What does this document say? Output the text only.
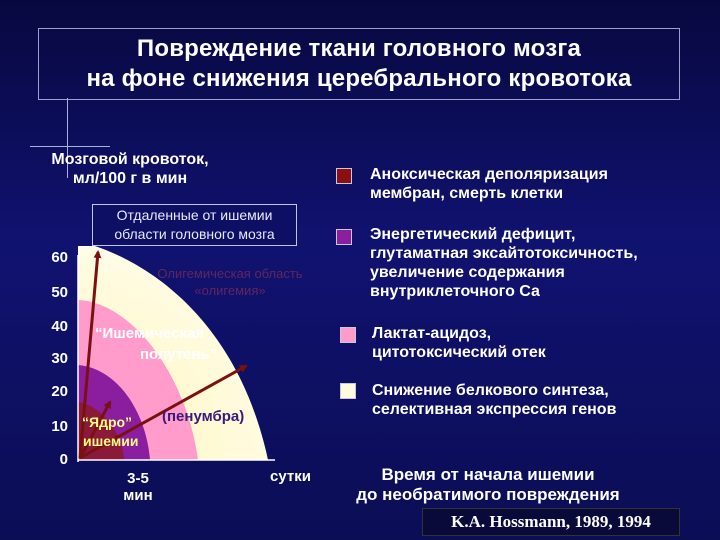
Повреждение ткани головного мозга
на фоне снижения церебрального кровотока
Мозговой кровоток,
мл/100 г в мин
Отдаленные от ишемии
области головного мозга
Олигемическая область
«олигемия»
60
50
40
30
20
10
0
“Ишемическая
полутень”
(пенумбра)
“Ядро”
ишемии
3-5
мин
сутки
Аноксическая деполяризация
мембран, смерть клетки
Энергетический дефицит,
глутаматная эксайтотоксичность,
увеличение содержания внутриклеточного Са
Лактат-ацидоз,
цитотоксический отек
Снижение белкового синтеза,
селективная экспрессия генов
Время от начала ишемии
до необратимого повреждения
K.A. Hossmann, 1989, 1994
